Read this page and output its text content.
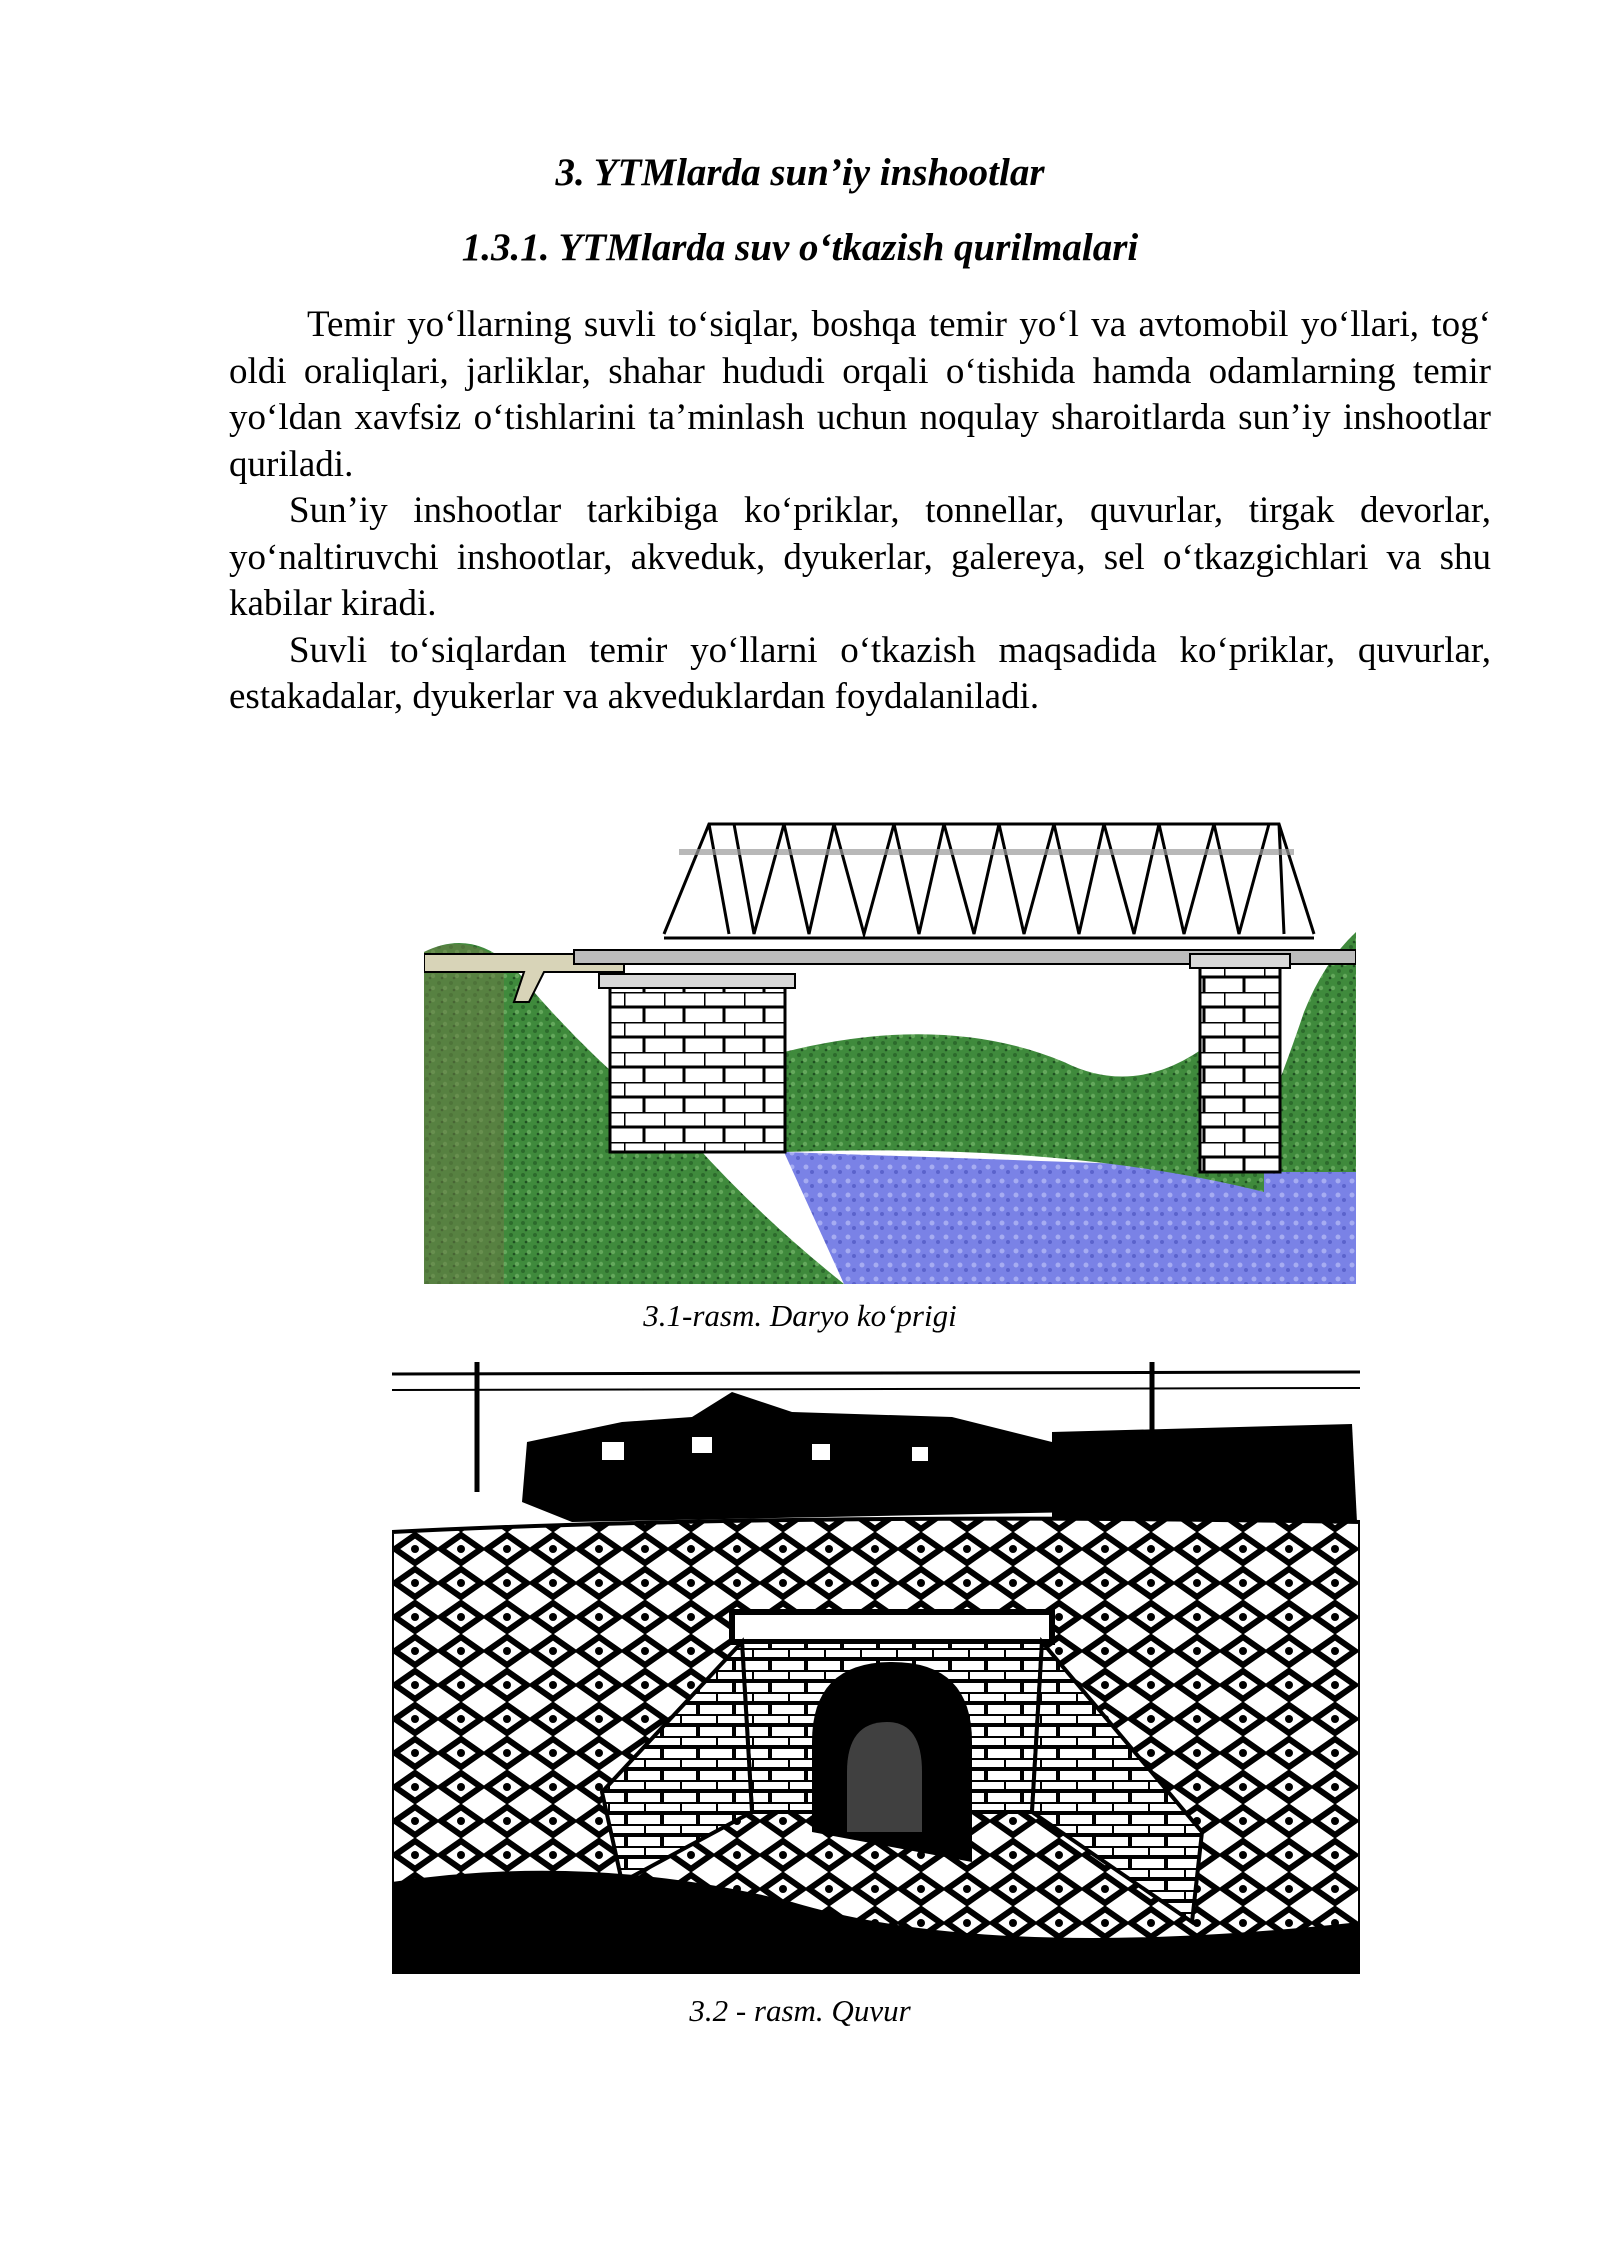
3. YTMlarda sun’iy inshootlar
1.3.1. YTMlarda suv o‘tkazish qurilmalari

Temir yo‘llarning suvli to‘siqlar, boshqa temir yo‘l va avtomobil yo‘llari, tog‘ oldi oraliqlari, jarliklar, shahar hududi orqali o‘tishida hamda odamlarning temir yo‘ldan xavfsiz o‘tishlarini ta’minlash uchun noqulay sharoitlarda sun’iy inshootlar quriladi.

Sun’iy inshootlar tarkibiga ko‘priklar, tonnellar, quvurlar, tirgak devorlar, yo‘naltiruvchi inshootlar, akveduk, dyukerlar, galereya, sel o‘tkazgichlari va shu kabilar kiradi.

Suvli to‘siqlardan temir yo‘llarni o‘tkazish maqsadida ko‘priklar, quvurlar, estakadalar, dyukerlar va akveduklardan foydalaniladi.

3.1-rasm. Daryo ko‘prigi
3.2 - rasm. Quvur
